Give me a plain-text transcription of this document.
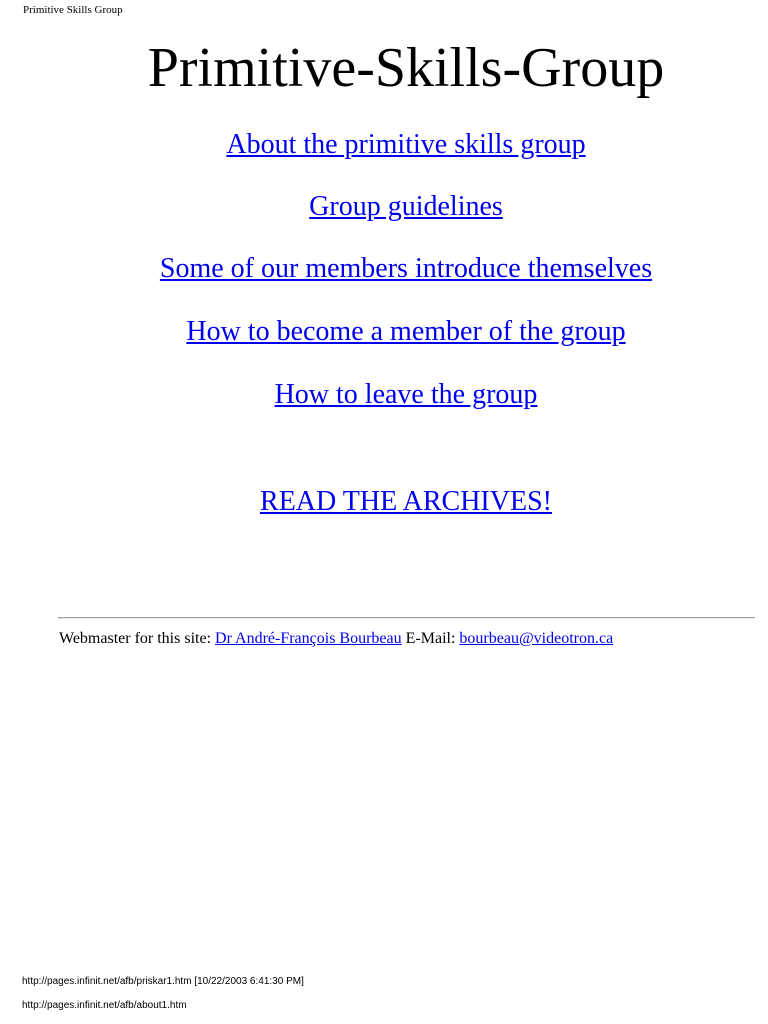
Primitive Skills Group
Primitive-Skills-Group
About the primitive skills group
Group guidelines
Some of our members introduce themselves
How to become a member of the group
How to leave the group
READ THE ARCHIVES!
Webmaster for this site: Dr André-François Bourbeau E-Mail: bourbeau@videotron.ca
http://pages.infinit.net/afb/priskar1.htm [10/22/2003 6:41:30 PM]
http://pages.infinit.net/afb/about1.htm
